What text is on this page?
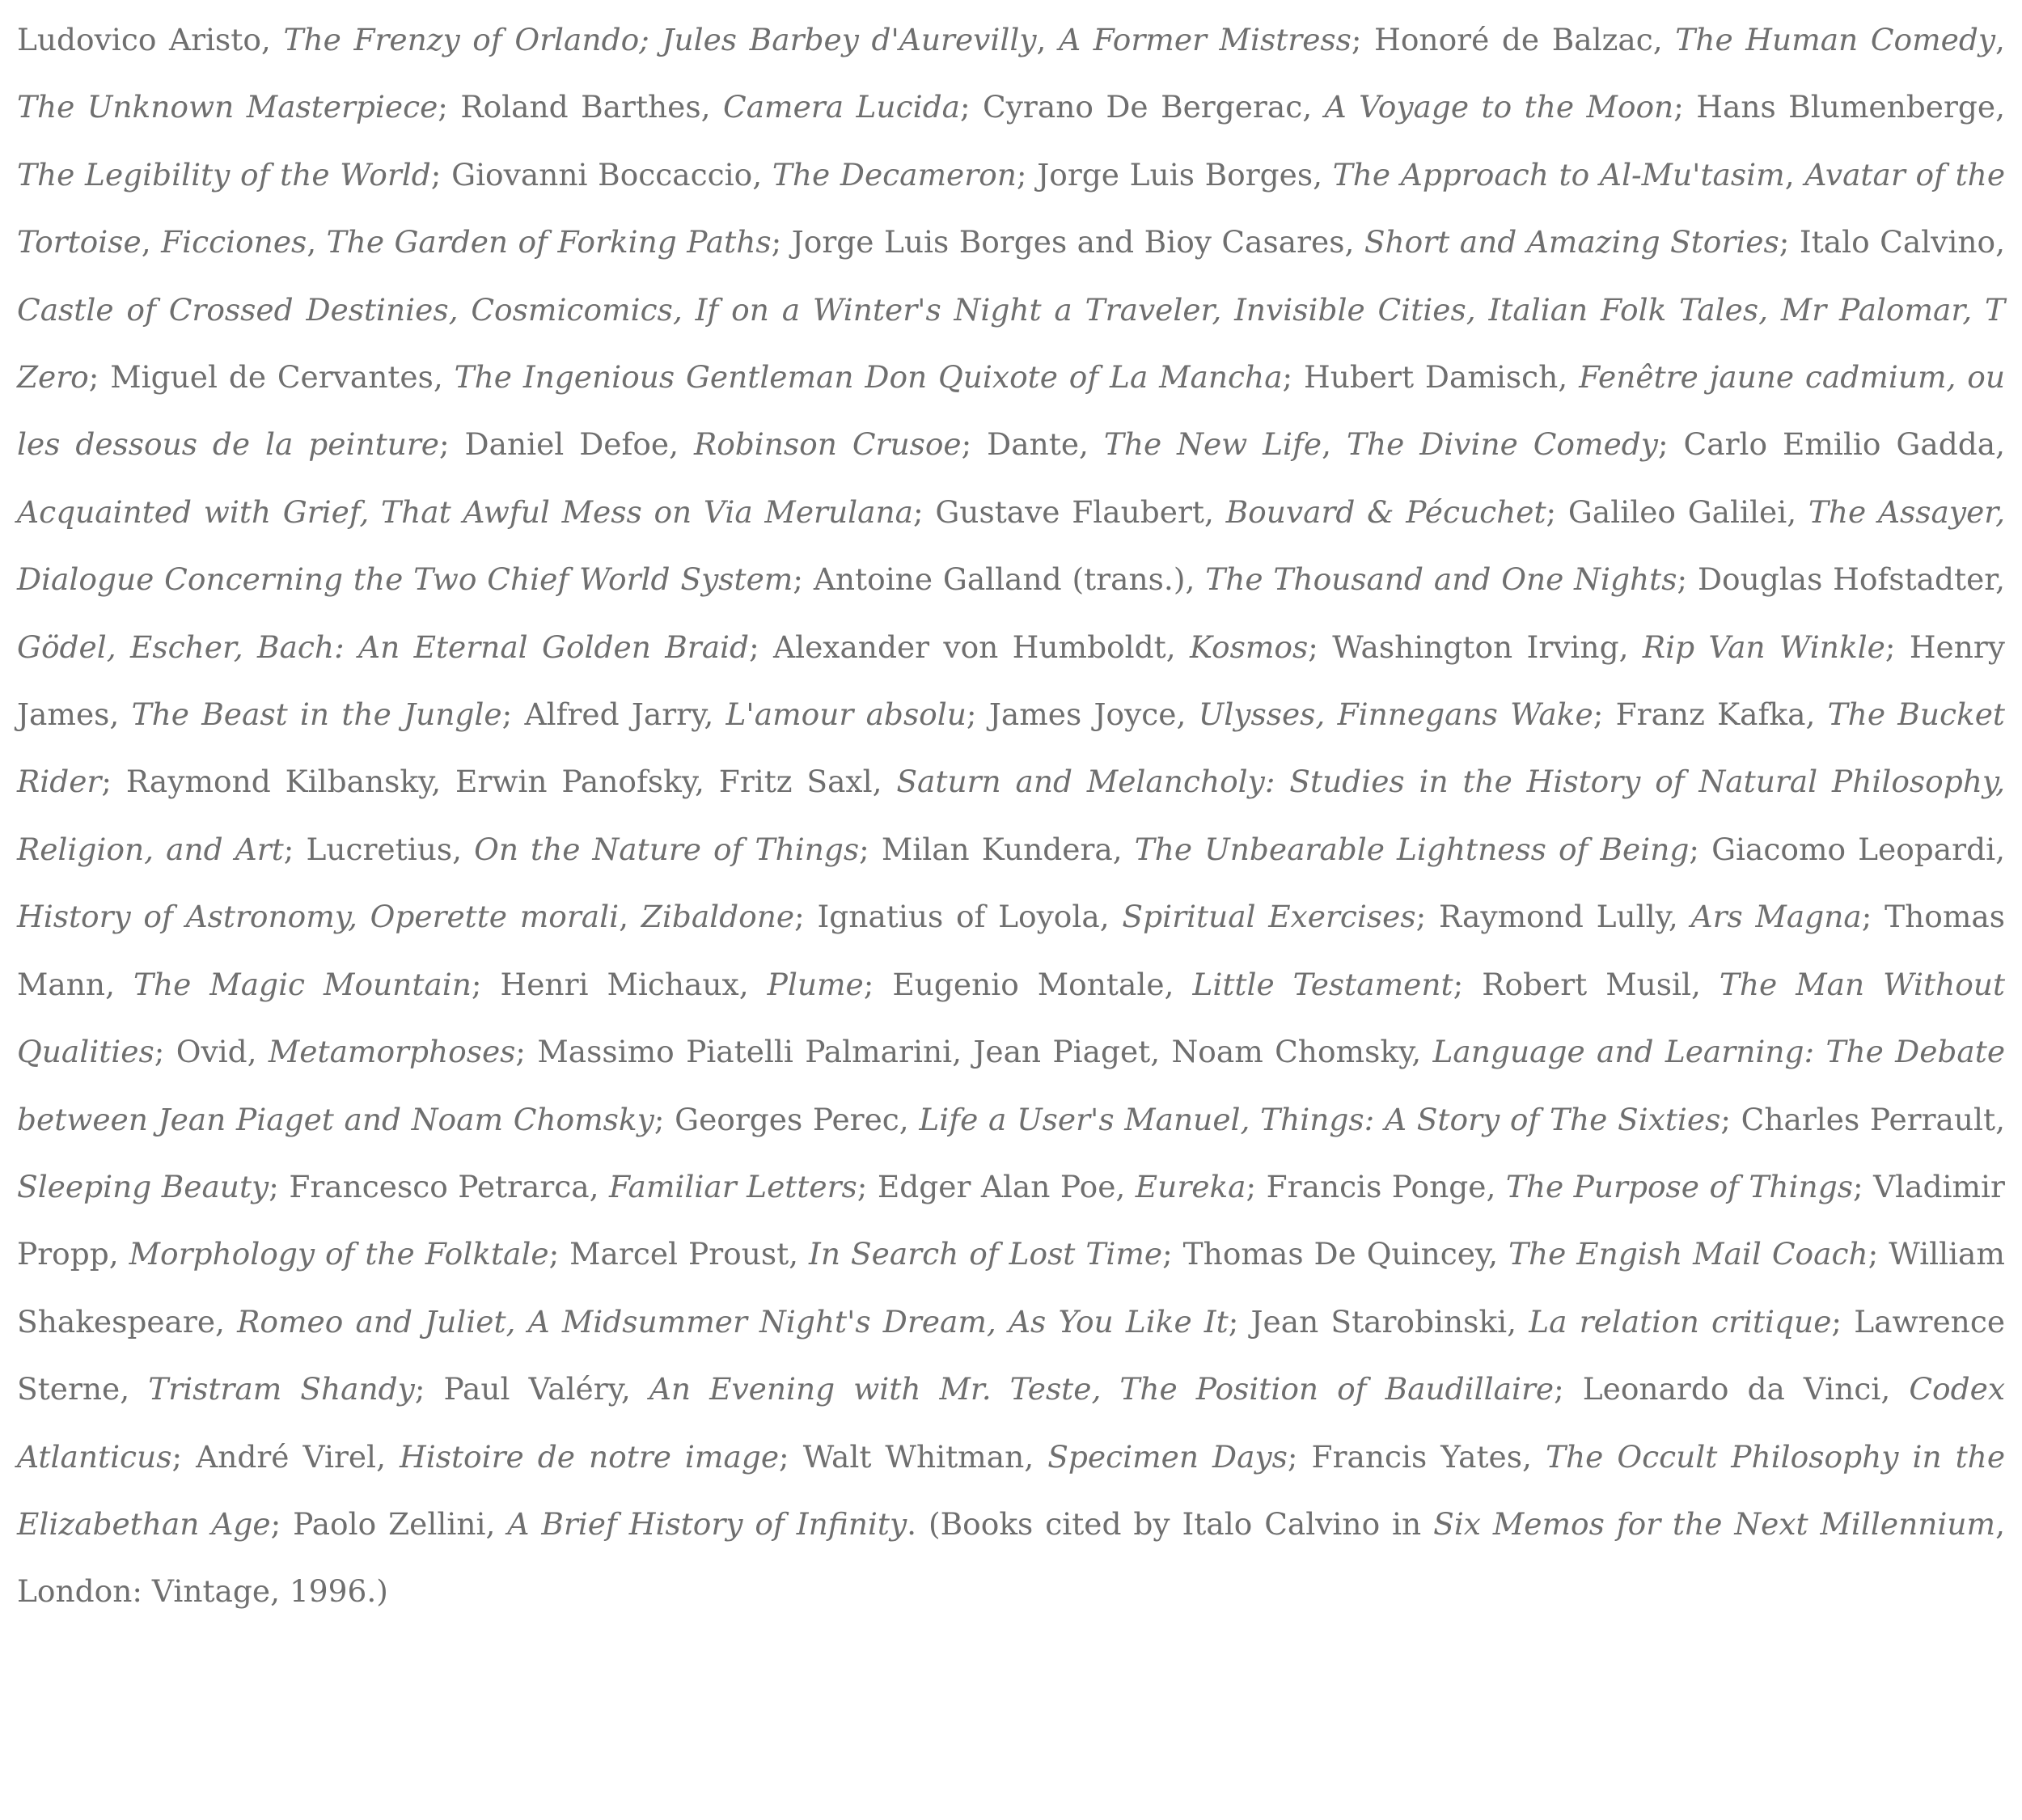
Ludovico Aristo, The Frenzy of Orlando; Jules Barbey d'Aurevilly, A Former Mistress; Honoré de Balzac, The Human Comedy, The Unknown Masterpiece; Roland Barthes, Camera Lucida; Cyrano De Bergerac, A Voyage to the Moon; Hans Blumenberge, The Legibility of the World; Giovanni Boccaccio, The Decameron; Jorge Luis Borges, The Approach to Al-Mu'tasim, Avatar of the Tortoise, Ficciones, The Garden of Forking Paths; Jorge Luis Borges and Bioy Casares, Short and Amazing Stories; Italo Calvino, Castle of Crossed Destinies, Cosmicomics, If on a Winter's Night a Traveler, Invisible Cities, Italian Folk Tales, Mr Palomar, T Zero; Miguel de Cervantes, The Ingenious Gentleman Don Quixote of La Mancha; Hubert Damisch, Fenêtre jaune cadmium, ou les dessous de la peinture; Daniel Defoe, Robinson Crusoe; Dante, The New Life, The Divine Comedy; Carlo Emilio Gadda, Acquainted with Grief, That Awful Mess on Via Merulana; Gustave Flaubert, Bouvard & Pécuchet; Galileo Galilei, The Assayer, Dialogue Concerning the Two Chief World System; Antoine Galland (trans.), The Thousand and One Nights; Douglas Hofstadter, Gödel, Escher, Bach: An Eternal Golden Braid; Alexander von Humboldt, Kosmos; Washington Irving, Rip Van Winkle; Henry James, The Beast in the Jungle; Alfred Jarry, L'amour absolu; James Joyce, Ulysses, Finnegans Wake; Franz Kafka, The Bucket Rider; Raymond Kilbansky, Erwin Panofsky, Fritz Saxl, Saturn and Melancholy: Studies in the History of Natural Philosophy, Religion, and Art; Lucretius, On the Nature of Things; Milan Kundera, The Unbearable Lightness of Being; Giacomo Leopardi, History of Astronomy, Operette morali, Zibaldone; Ignatius of Loyola, Spiritual Exercises; Raymond Lully, Ars Magna; Thomas Mann, The Magic Mountain; Henri Michaux, Plume; Eugenio Montale, Little Testament; Robert Musil, The Man Without Qualities; Ovid, Metamorphoses; Massimo Piatelli Palmarini, Jean Piaget, Noam Chomsky, Language and Learning: The Debate between Jean Piaget and Noam Chomsky; Georges Perec, Life a User's Manuel, Things: A Story of The Sixties; Charles Perrault, Sleeping Beauty; Francesco Petrarca, Familiar Letters; Edger Alan Poe, Eureka; Francis Ponge, The Purpose of Things; Vladimir Propp, Morphology of the Folktale; Marcel Proust, In Search of Lost Time; Thomas De Quincey, The Engish Mail Coach; William Shakespeare, Romeo and Juliet, A Midsummer Night's Dream, As You Like It; Jean Starobinski, La relation critique; Lawrence Sterne, Tristram Shandy; Paul Valéry, An Evening with Mr. Teste, The Position of Baudillaire; Leonardo da Vinci, Codex Atlanticus; André Virel, Histoire de notre image; Walt Whitman, Specimen Days; Francis Yates, The Occult Philosophy in the Elizabethan Age; Paolo Zellini, A Brief History of Infinity. (Books cited by Italo Calvino in Six Memos for the Next Millennium, London: Vintage, 1996.)
